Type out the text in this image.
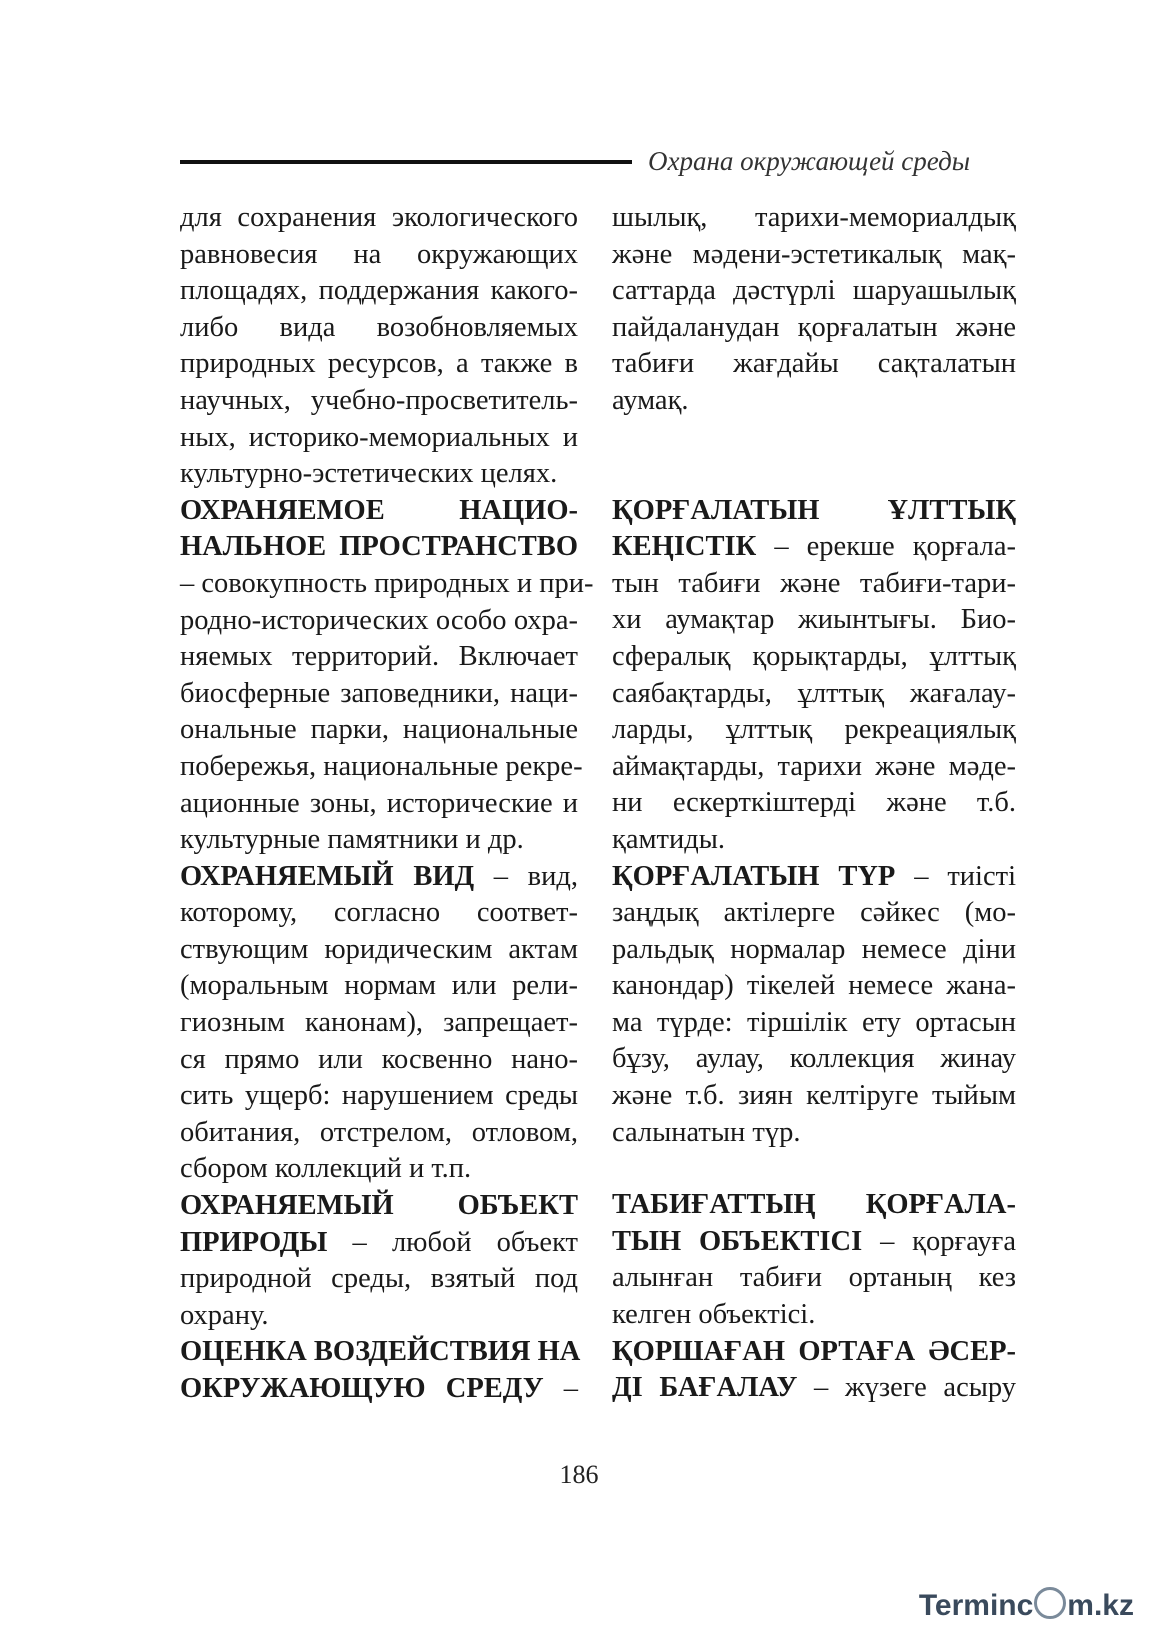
Охрана окружающей среды

для сохранения экологического
равновесия на окружающих
площадях, поддержания какого-
либо вида возобновляемых
природных ресурсов, а также в
научных, учебно-просветитель-
ных, историко-мемориальных и
культурно-эстетических целях.

ОХРАНЯЕМОЕ НАЦИО-
НАЛЬНОЕ ПРОСТРАНСТВО
– совокупность природных и при-
родно-исторических особо охра-
няемых территорий. Включает
биосферные заповедники, наци-
ональные парки, национальные
побережья, национальные рекре-
ационные зоны, исторические и
культурные памятники и др.

ОХРАНЯЕМЫЙ ВИД – вид,
которому, согласно соответ-
ствующим юридическим актам
(моральным нормам или рели-
гиозным канонам), запрещает-
ся прямо или косвенно нано-
сить ущерб: нарушением среды
обитания, отстрелом, отловом,
сбором коллекций и т.п.

ОХРАНЯЕМЫЙ ОБЪЕКТ
ПРИРОДЫ – любой объект
природной среды, взятый под
охрану.

ОЦЕНКА ВОЗДЕЙСТВИЯ НА
ОКРУЖАЮЩУЮ СРЕДУ –

шылық, тарихи-мемориалдық
және мәдени-эстетикалық мақ-
саттарда дәстүрлі шаруашылық
пайдаланудан қорғалатын және
табиғи жағдайы сақталатын
аумақ.

ҚОРҒАЛАТЫН ҰЛТТЫҚ
КЕҢІСТІК – ерекше қорғала-
тын табиғи және табиғи-тари-
хи аумақтар жиынтығы. Био-
сфералық қорықтарды, ұлттық
саябақтарды, ұлттық жағалау-
ларды, ұлттық рекреациялық
аймақтарды, тарихи және мәде-
ни ескерткіштерді және т.б.
қамтиды.

ҚОРҒАЛАТЫН ТҮР – тиісті
заңдық актілерге сәйкес (мо-
ральдық нормалар немесе діни
канондар) тікелей немесе жана-
ма түрде: тіршілік ету ортасын
бұзу, аулау, коллекция жинау
және т.б. зиян келтіруге тыйым
салынатын түр.

ТАБИҒАТТЫҢ ҚОРҒАЛА-
ТЫН ОБЪЕКТІСІ – қорғауға
алынған табиғи ортаның кез
келген объектісі.

ҚОРШАҒАН ОРТАҒА ӘСЕР-
ДІ БАҒАЛАУ – жүзеге асыру

186
Terminc m.kz
